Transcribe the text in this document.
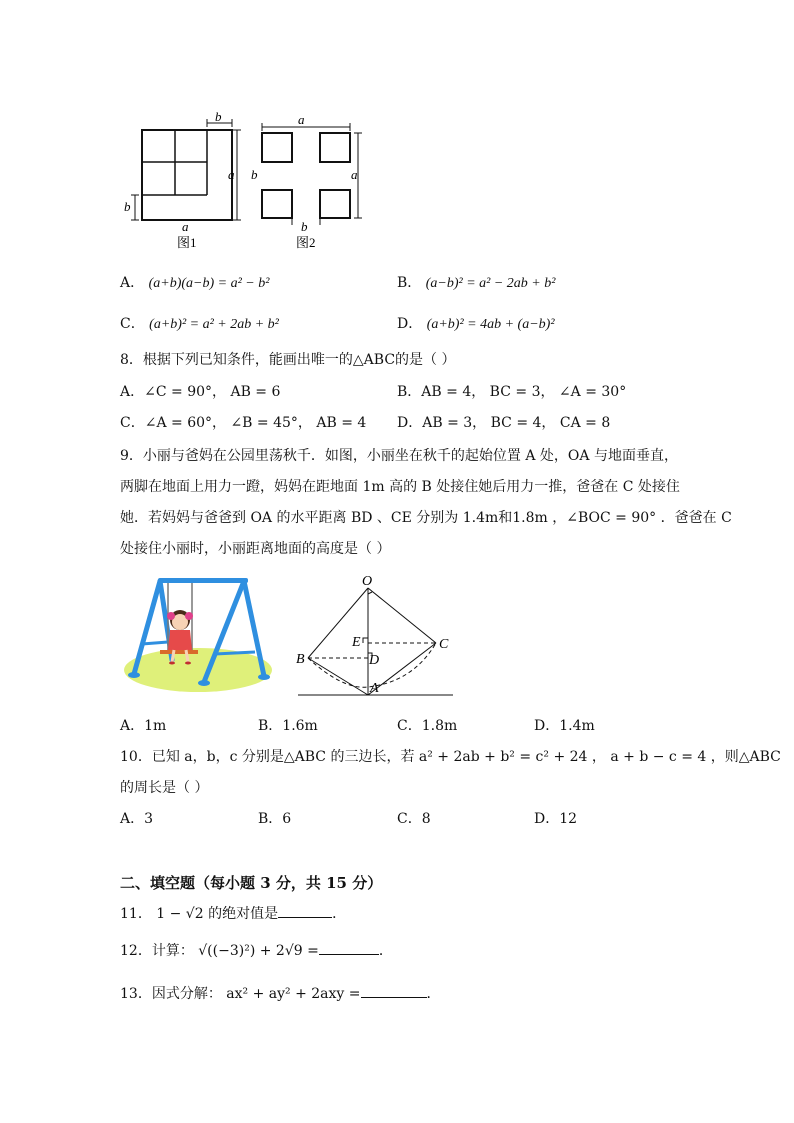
b
a
b
a
图1
a
a
b
b
图2
A． (a+b)(a−b) = a² − b²	B． (a−b)² = a² − 2ab + b²
C． (a+b)² = a² + 2ab + b²	D． (a+b)² = 4ab + (a−b)²
8．根据下列已知条件，能画出唯一的△ABC的是（ ）
A．∠C = 90°， AB = 6	B．AB = 4， BC = 3， ∠A = 30°
C．∠A = 60°， ∠B = 45°， AB = 4 D．AB = 3， BC = 4， CA = 8
9．小丽与爸妈在公园里荡秋千．如图，小丽坐在秋千的起始位置 A 处，OA 与地面垂直，
两脚在地面上用力一蹬，妈妈在距地面 1m 高的 B 处接住她后用力一推，爸爸在 C 处接住
她．若妈妈与爸爸到 OA 的水平距离 BD 、CE 分别为 1.4m和1.8m ，∠BOC = 90° ．爸爸在 C
处接住小丽时，小丽距离地面的高度是（ ）
O
E
D
B
C
A
A．1m	B．1.6m	C．1.8m	D．1.4m
10．已知 a，b，c 分别是△ABC 的三边长，若 a² + 2ab + b² = c² + 24 ， a + b − c = 4 ，则△ABC
的周长是（ ）
A．3	B．6	C．8	D．12
二、填空题（每小题 3 分，共 15 分）
11． 1 − √2 的绝对值是	．
12．计算： √((−3)²) + 2√9 =	．
13．因式分解： ax² + ay² + 2axy =	．
